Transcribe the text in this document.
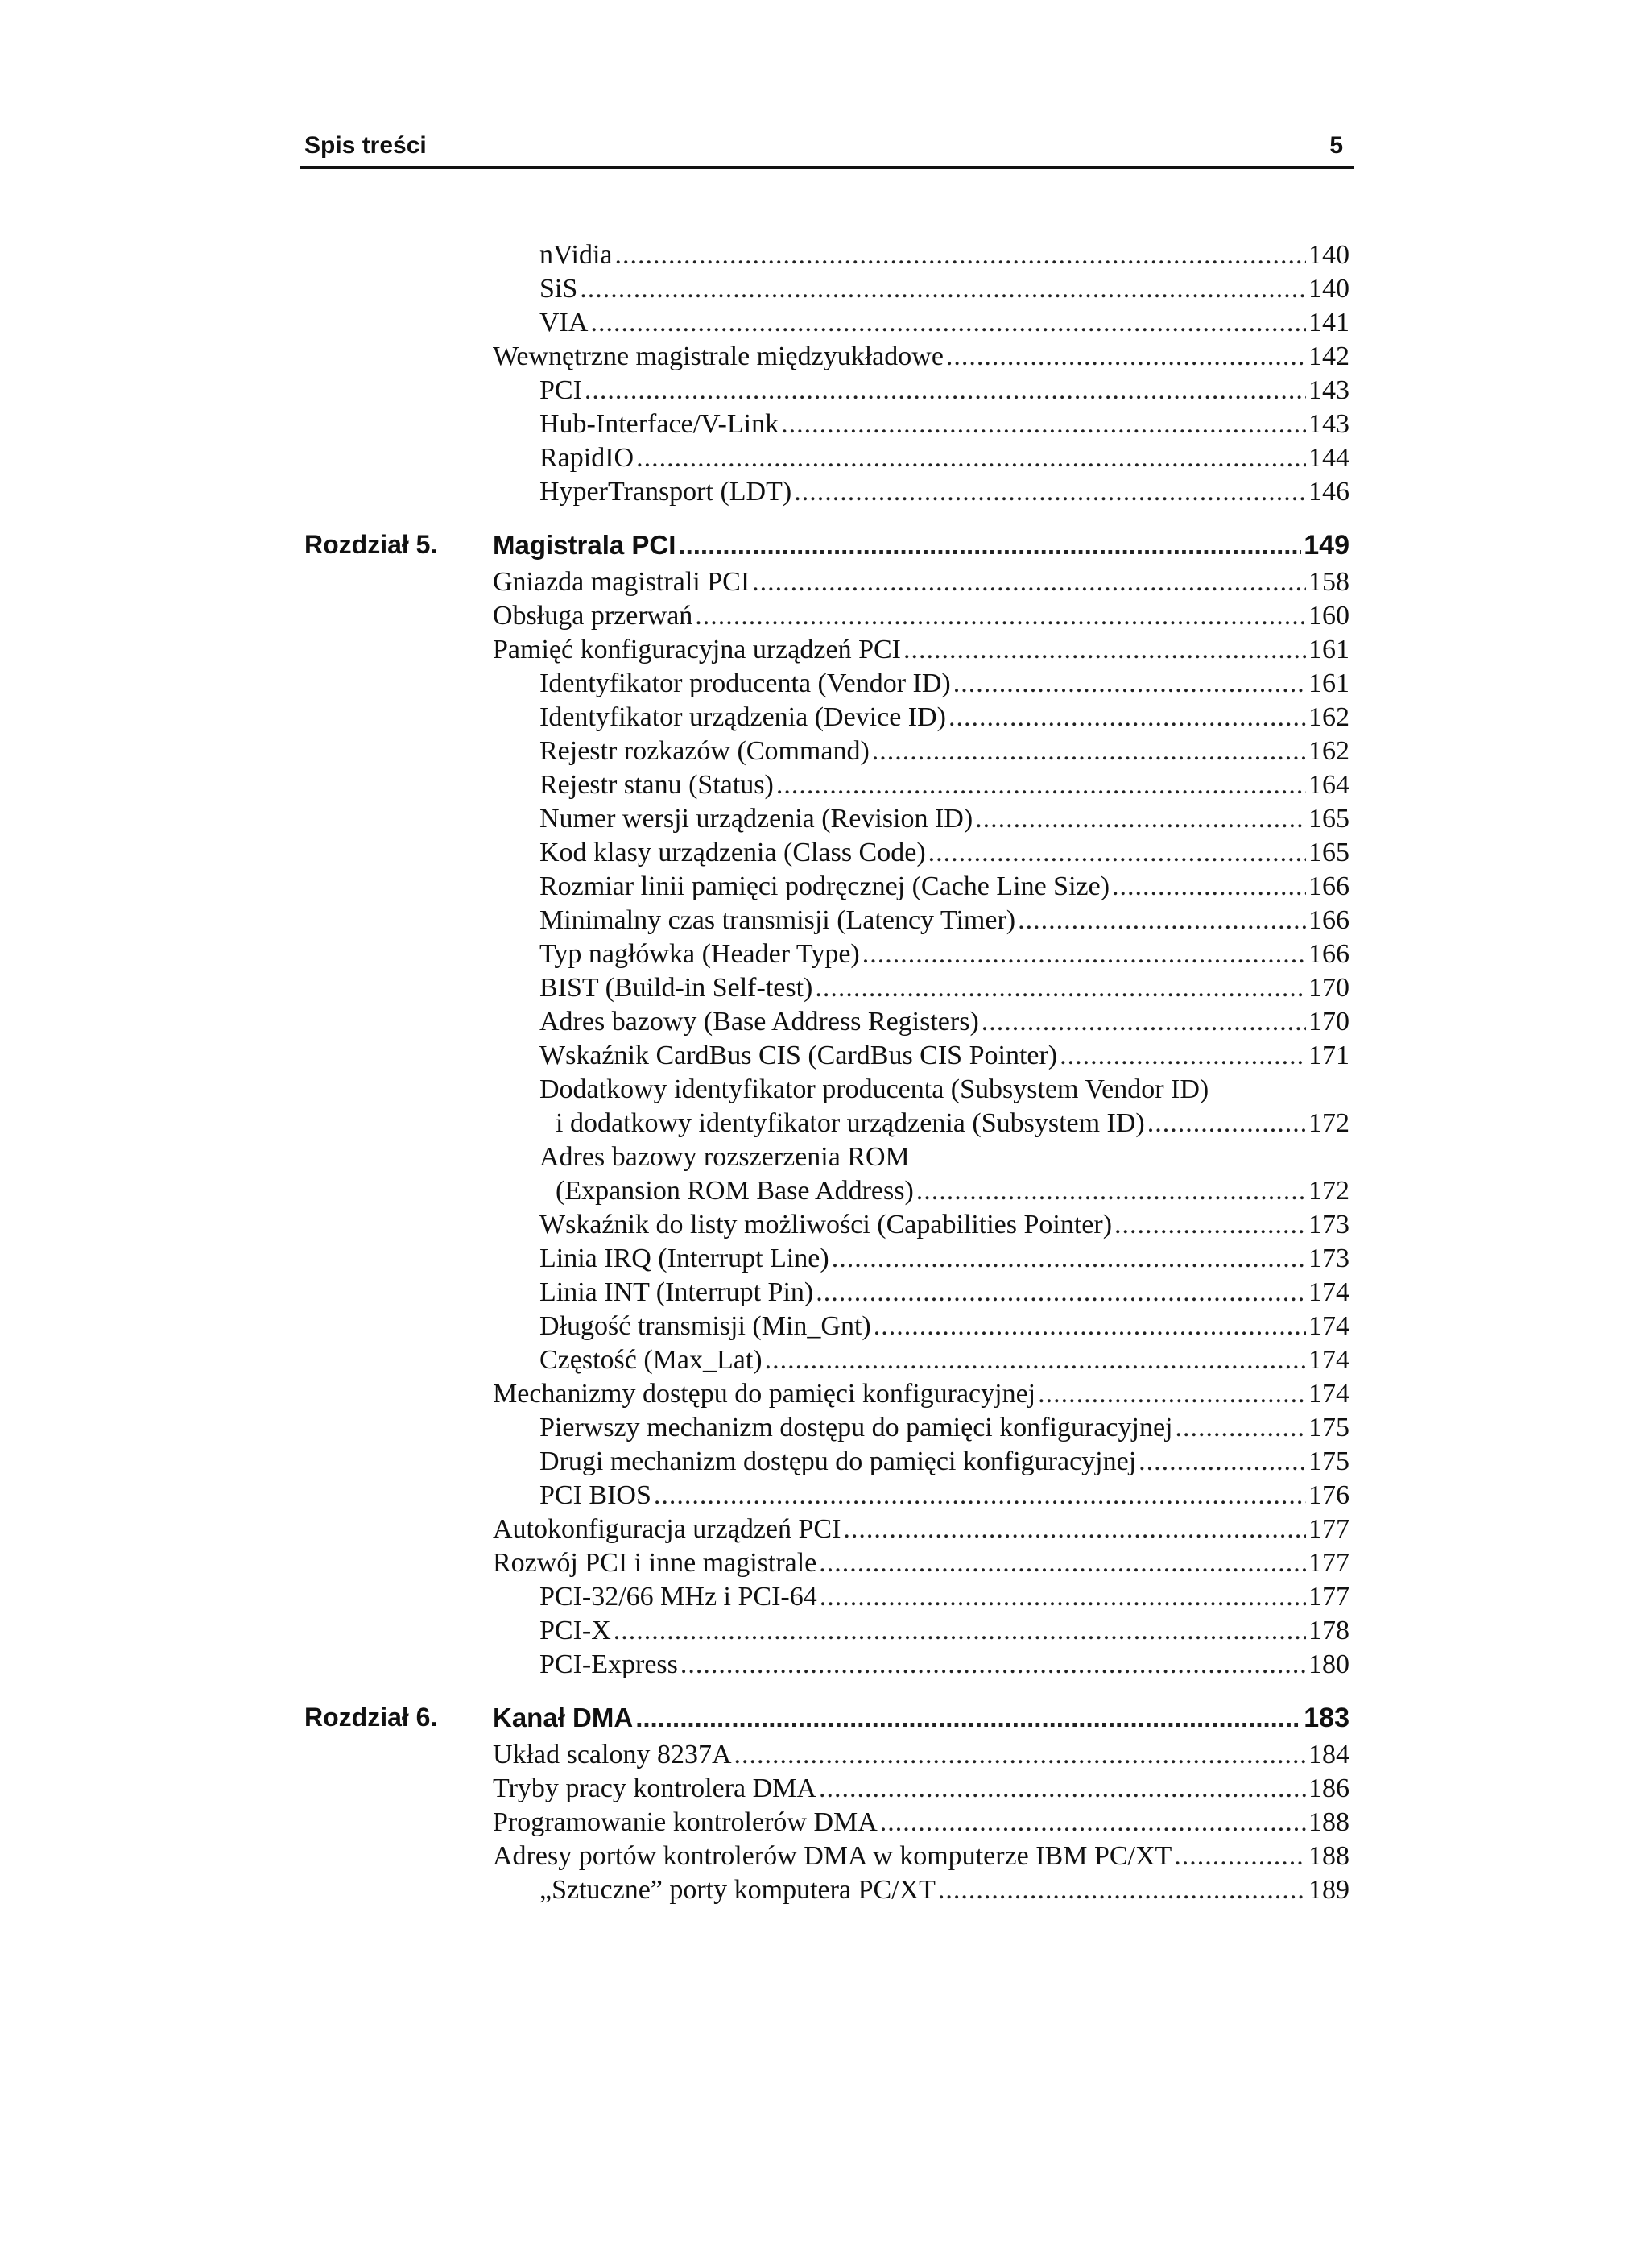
Spis treści	5
nVidia .....	140
SiS .....	140
VIA .....	141
Wewnętrzne magistrale międzyukładowe .....	142
PCI .....	143
Hub-Interface/V-Link .....	143
RapidIO .....	144
HyperTransport (LDT) .....	146
Rozdział 5. Magistrala PCI .....	149
Gniazda magistrali PCI .....	158
Obsługa przerwań .....	160
Pamięć konfiguracyjna urządzeń PCI .....	161
Identyfikator producenta (Vendor ID) .....	161
Identyfikator urządzenia (Device ID) .....	162
Rejestr rozkazów (Command) .....	162
Rejestr stanu (Status) .....	164
Numer wersji urządzenia (Revision ID) .....	165
Kod klasy urządzenia (Class Code) .....	165
Rozmiar linii pamięci podręcznej (Cache Line Size) .....	166
Minimalny czas transmisji (Latency Timer) .....	166
Typ nagłówka (Header Type) .....	166
BIST (Build-in Self-test) .....	170
Adres bazowy (Base Address Registers) .....	170
Wskaźnik CardBus CIS (CardBus CIS Pointer) .....	171
Dodatkowy identyfikator producenta (Subsystem Vendor ID)
i dodatkowy identyfikator urządzenia (Subsystem ID) .....	172
Adres bazowy rozszerzenia ROM
(Expansion ROM Base Address) .....	172
Wskaźnik do listy możliwości (Capabilities Pointer) .....	173
Linia IRQ (Interrupt Line) .....	173
Linia INT (Interrupt Pin) .....	174
Długość transmisji (Min_Gnt) .....	174
Częstość (Max_Lat) .....	174
Mechanizmy dostępu do pamięci konfiguracyjnej .....	174
Pierwszy mechanizm dostępu do pamięci konfiguracyjnej .....	175
Drugi mechanizm dostępu do pamięci konfiguracyjnej .....	175
PCI BIOS .....	176
Autokonfiguracja urządzeń PCI .....	177
Rozwój PCI i inne magistrale .....	177
PCI-32/66 MHz i PCI-64 .....	177
PCI-X .....	178
PCI-Express .....	180
Rozdział 6. Kanał DMA .....	183
Układ scalony 8237A .....	184
Tryby pracy kontrolera DMA .....	186
Programowanie kontrolerów DMA .....	188
Adresy portów kontrolerów DMA w komputerze IBM PC/XT .....	188
„Sztuczne” porty komputera PC/XT .....	189
